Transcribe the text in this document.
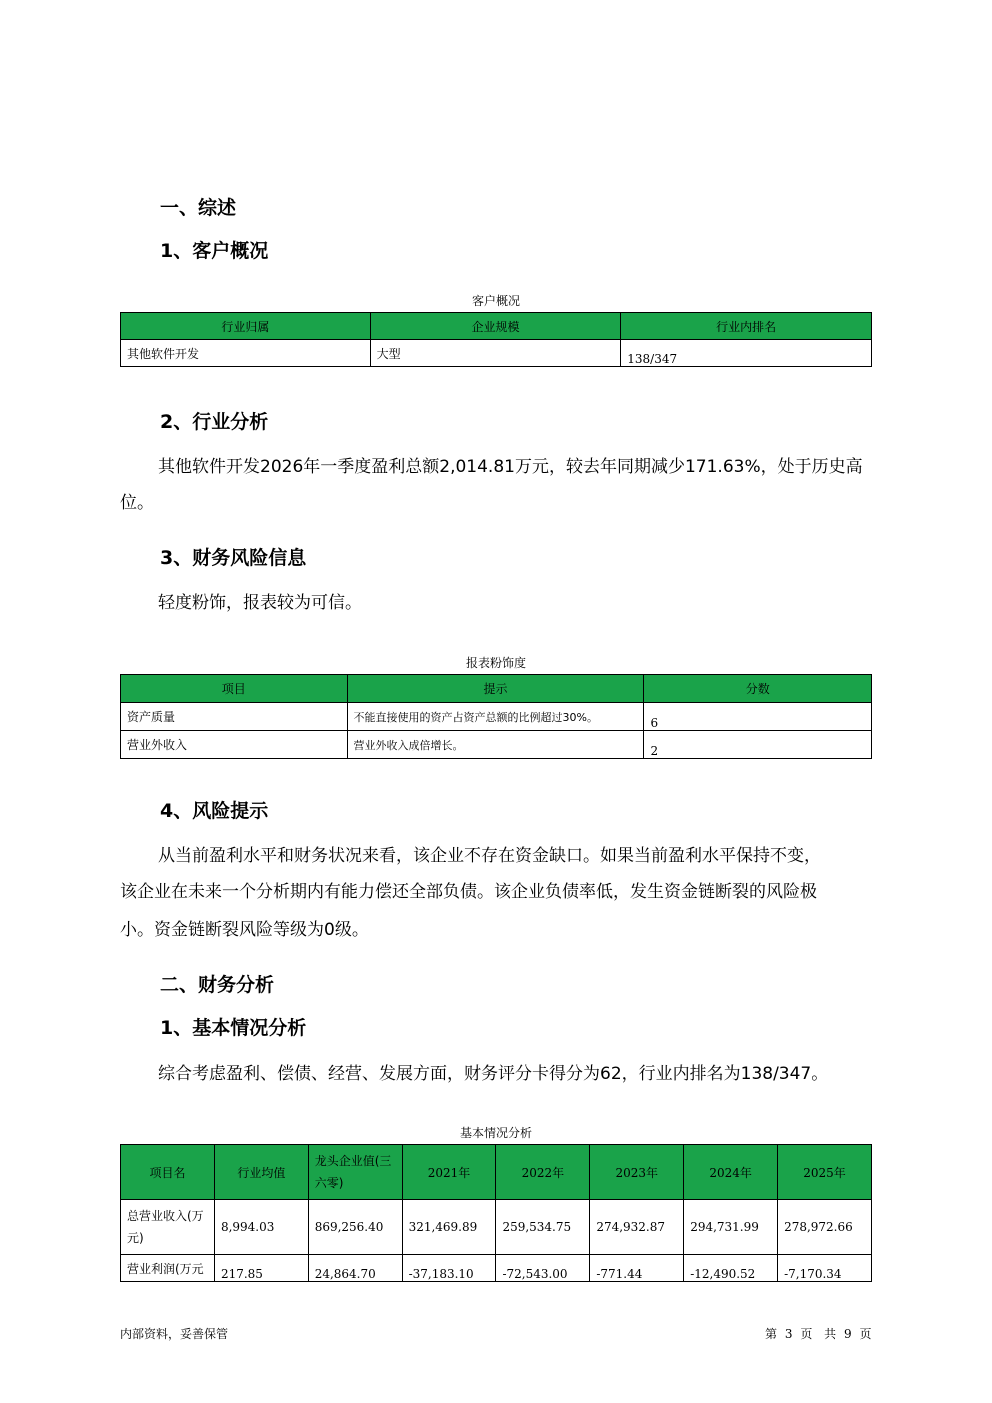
一、综述
1、客户概况
客户概况
行业归属	企业规模	行业内排名
其他软件开发	大型	138/347
2、行业分析
其他软件开发2026年一季度盈利总额2,014.81万元，较去年同期减少171.63%，处于历史高
位。
3、财务风险信息
轻度粉饰，报表较为可信。
报表粉饰度
项目	提示	分数
资产质量	不能直接使用的资产占资产总额的比例超过30%。	6
营业外收入	营业外收入成倍增长。	2
4、风险提示
从当前盈利水平和财务状况来看，该企业不存在资金缺口。如果当前盈利水平保持不变，
该企业在未来一个分析期内有能力偿还全部负债。该企业负债率低，发生资金链断裂的风险极
小。资金链断裂风险等级为0级。
二、财务分析
1、基本情况分析
综合考虑盈利、偿债、经营、发展方面，财务评分卡得分为62，行业内排名为138/347。
基本情况分析
项目名	行业均值	龙头企业值(三六零)	2021年	2022年	2023年	2024年	2025年
总营业收入(万元)	8,994.03	869,256.40	321,469.89	259,534.75	274,932.87	294,731.99	278,972.66
营业利润(万元	217.85	24,864.70	-37,183.10	-72,543.00	-771.44	-12,490.52	-7,170.34
内部资料，妥善保管	第 3 页 共 9 页
